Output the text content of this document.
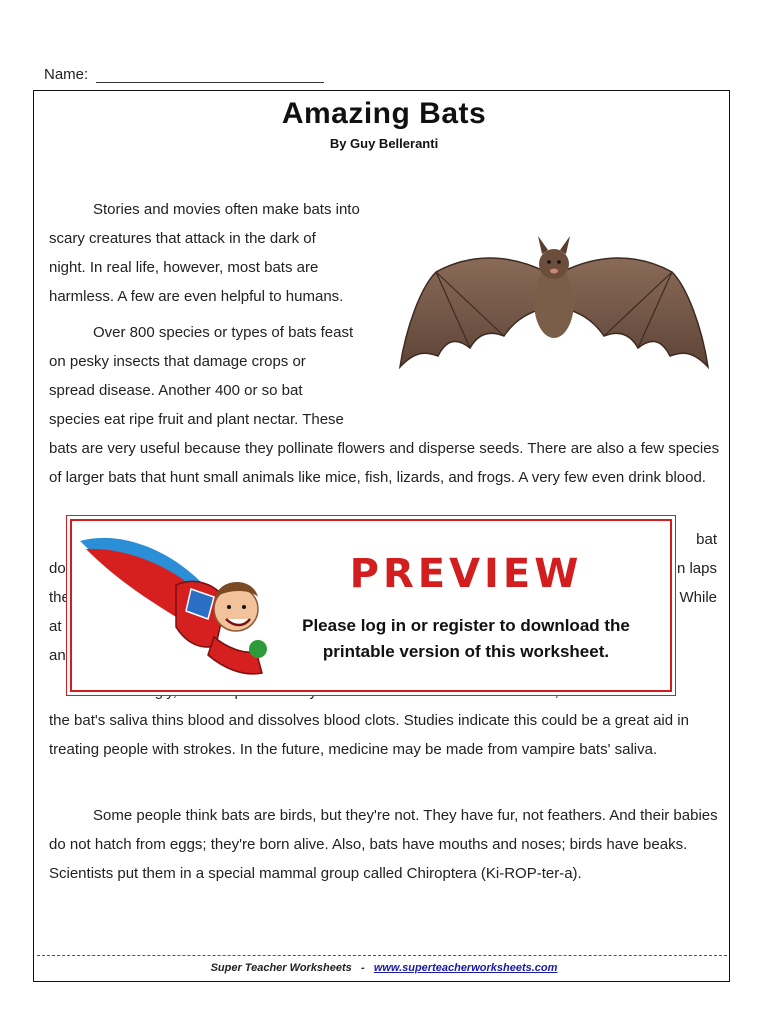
Name:
Amazing Bats
By Guy Belleranti
Stories and movies often make bats into
scary creatures that attack in the dark of
night. In real life, however, most bats are
harmless. A few are even helpful to humans.
Over 800 species or types of bats feast
on pesky insects that damage crops or
spread disease. Another 400 or so bat
species eat ripe fruit and plant nectar. These

bats are very useful because they pollinate flowers and disperse seeds. There are also a few species of larger bats that hunt small animals like mice, fish, lizards, and frogs. A very few even drink blood.

bat
do	n laps
the	While
at
an

the bat's saliva thins blood and dissolves blood clots. Studies indicate this could be a great aid in treating people with strokes. In the future, medicine may be made from vampire bats' saliva.

Some people think bats are birds, but they're not. They have fur, not feathers. And their babies do not hatch from eggs; they're born alive. Also, bats have mouths and noses; birds have beaks. Scientists put them in a special mammal group called Chiroptera (Ki-ROP-ter-a).

PREVIEW
Please log in or register to download the printable version of this worksheet.
Super Teacher Worksheets - www.superteacherworksheets.com
